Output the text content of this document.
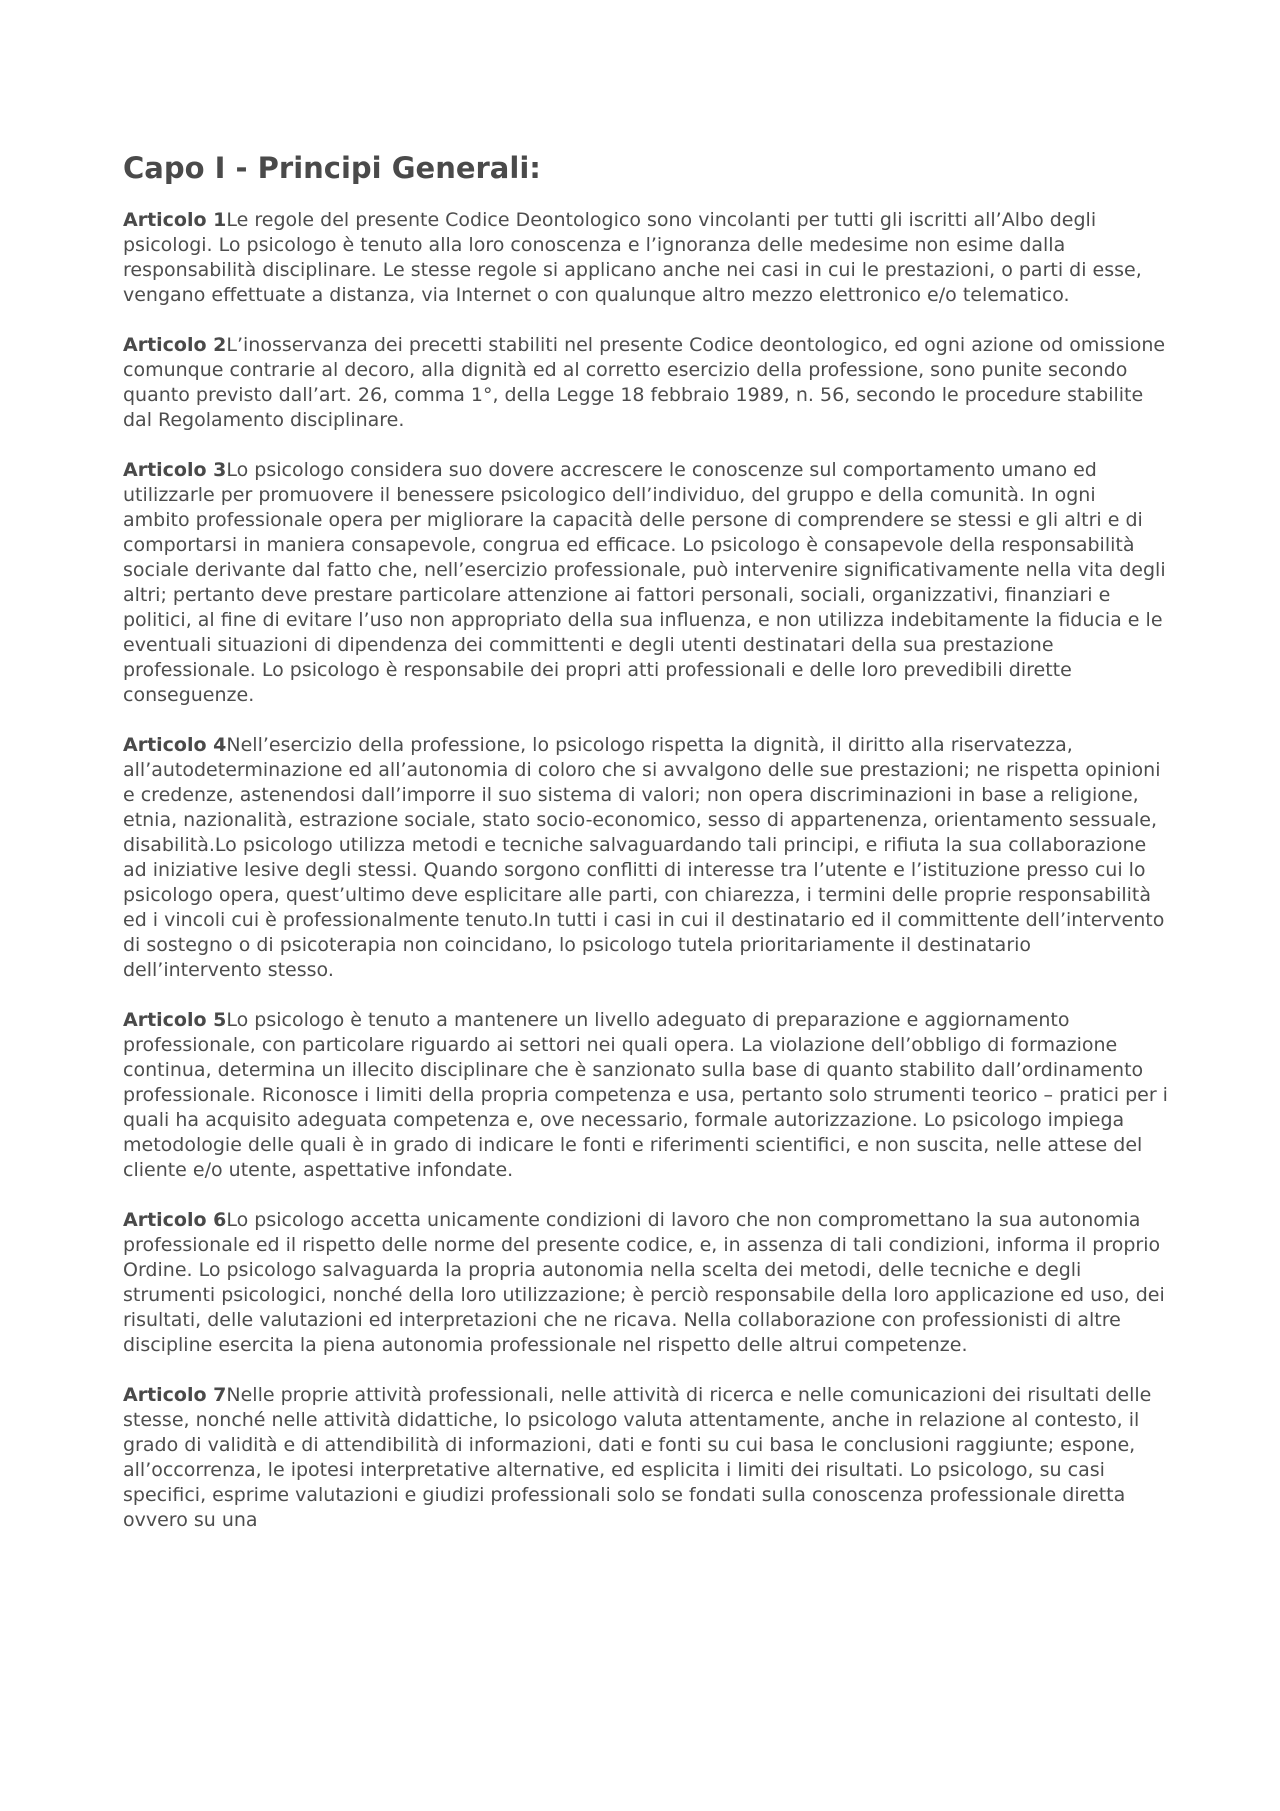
Capo I - Principi Generali:

Articolo 1Le regole del presente Codice Deontologico sono vincolanti per tutti gli iscritti all’Albo degli psicologi. Lo psicologo è tenuto alla loro conoscenza e l’ignoranza delle medesime non esime dalla responsabilità disciplinare. Le stesse regole si applicano anche nei casi in cui le prestazioni, o parti di esse, vengano effettuate a distanza, via Internet o con qualunque altro mezzo elettronico e/o telematico.

Articolo 2L’inosservanza dei precetti stabiliti nel presente Codice deontologico, ed ogni azione od omissione comunque contrarie al decoro, alla dignità ed al corretto esercizio della professione, sono punite secondo quanto previsto dall’art. 26, comma 1°, della Legge 18 febbraio 1989, n. 56, secondo le procedure stabilite dal Regolamento disciplinare.

Articolo 3Lo psicologo considera suo dovere accrescere le conoscenze sul comportamento umano ed utilizzarle per promuovere il benessere psicologico dell’individuo, del gruppo e della comunità. In ogni ambito professionale opera per migliorare la capacità delle persone di comprendere se stessi e gli altri e di comportarsi in maniera consapevole, congrua ed efficace. Lo psicologo è consapevole della responsabilità sociale derivante dal fatto che, nell’esercizio professionale, può intervenire significativamente nella vita degli altri; pertanto deve prestare particolare attenzione ai fattori personali, sociali, organizzativi, finanziari e politici, al fine di evitare l’uso non appropriato della sua influenza, e non utilizza indebitamente la fiducia e le eventuali situazioni di dipendenza dei committenti e degli utenti destinatari della sua prestazione professionale. Lo psicologo è responsabile dei propri atti professionali e delle loro prevedibili dirette conseguenze.

Articolo 4Nell’esercizio della professione, lo psicologo rispetta la dignità, il diritto alla riservatezza, all’autodeterminazione ed all’autonomia di coloro che si avvalgono delle sue prestazioni; ne rispetta opinioni e credenze, astenendosi dall’imporre il suo sistema di valori; non opera discriminazioni in base a religione, etnia, nazionalità, estrazione sociale, stato socio-economico, sesso di appartenenza, orientamento sessuale, disabilità.Lo psicologo utilizza metodi e tecniche salvaguardando tali principi, e rifiuta la sua collaborazione ad iniziative lesive degli stessi. Quando sorgono conflitti di interesse tra l’utente e l’istituzione presso cui lo psicologo opera, quest’ultimo deve esplicitare alle parti, con chiarezza, i termini delle proprie responsabilità ed i vincoli cui è professionalmente tenuto.In tutti i casi in cui il destinatario ed il committente dell’intervento di sostegno o di psicoterapia non coincidano, lo psicologo tutela prioritariamente il destinatario dell’intervento stesso.

Articolo 5Lo psicologo è tenuto a mantenere un livello adeguato di preparazione e aggiornamento professionale, con particolare riguardo ai settori nei quali opera. La violazione dell’obbligo di formazione continua, determina un illecito disciplinare che è sanzionato sulla base di quanto stabilito dall’ordinamento professionale. Riconosce i limiti della propria competenza e usa, pertanto solo strumenti teorico – pratici per i quali ha acquisito adeguata competenza e, ove necessario, formale autorizzazione. Lo psicologo impiega metodologie delle quali è in grado di indicare le fonti e riferimenti scientifici, e non suscita, nelle attese del cliente e/o utente, aspettative infondate.

Articolo 6Lo psicologo accetta unicamente condizioni di lavoro che non compromettano la sua autonomia professionale ed il rispetto delle norme del presente codice, e, in assenza di tali condizioni, informa il proprio Ordine. Lo psicologo salvaguarda la propria autonomia nella scelta dei metodi, delle tecniche e degli strumenti psicologici, nonché della loro utilizzazione; è perciò responsabile della loro applicazione ed uso, dei risultati, delle valutazioni ed interpretazioni che ne ricava. Nella collaborazione con professionisti di altre discipline esercita la piena autonomia professionale nel rispetto delle altrui competenze.

Articolo 7Nelle proprie attività professionali, nelle attività di ricerca e nelle comunicazioni dei risultati delle stesse, nonché nelle attività didattiche, lo psicologo valuta attentamente, anche in relazione al contesto, il grado di validità e di attendibilità di informazioni, dati e fonti su cui basa le conclusioni raggiunte; espone, all’occorrenza, le ipotesi interpretative alternative, ed esplicita i limiti dei risultati. Lo psicologo, su casi specifici, esprime valutazioni e giudizi professionali solo se fondati sulla conoscenza professionale diretta ovvero su una
